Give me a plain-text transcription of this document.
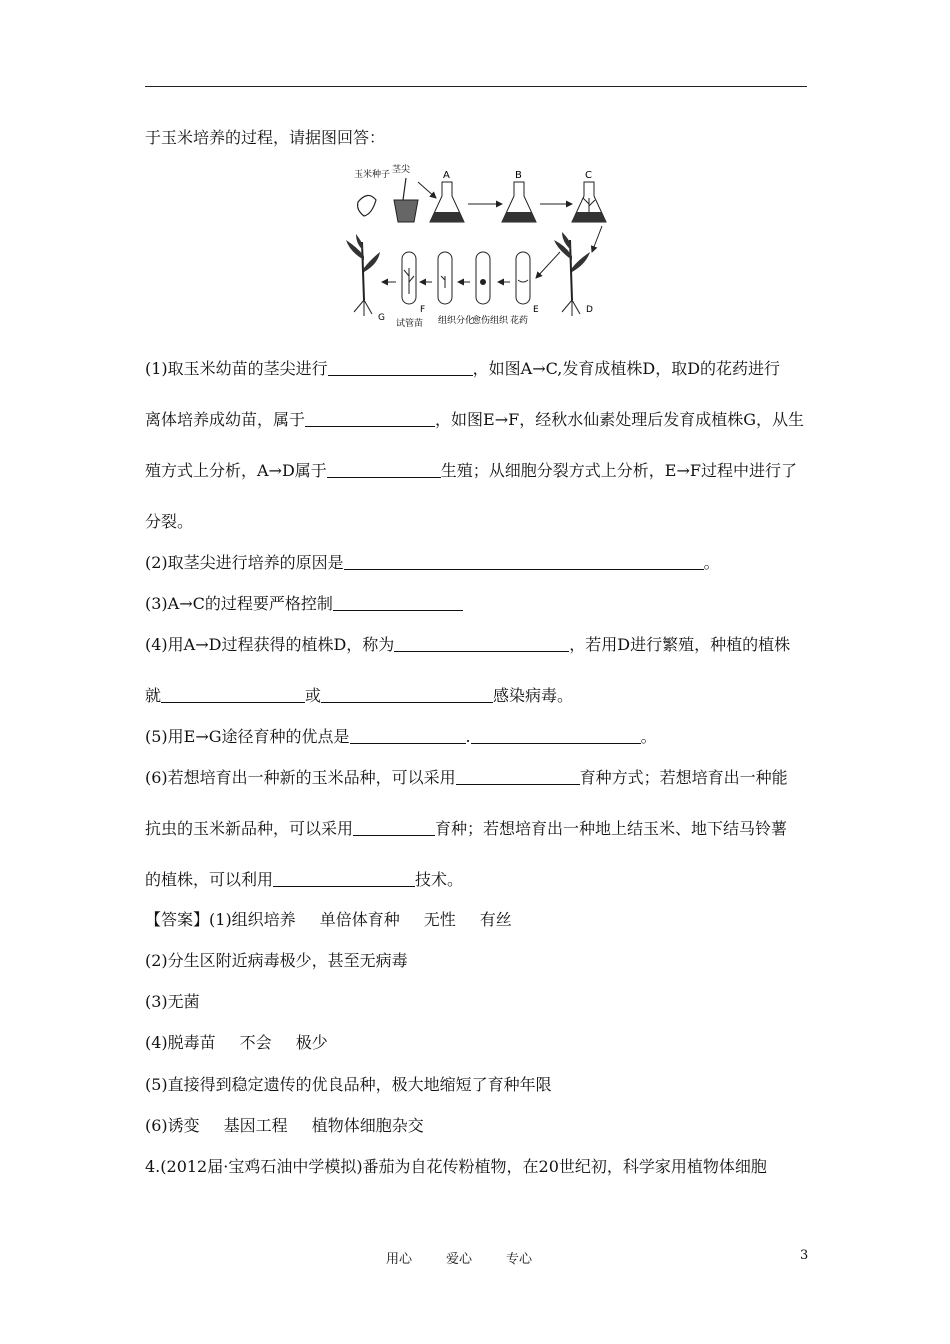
于玉米培养的过程，请据图回答：
玉米种子 茎尖	A	B	C
D
E
F
G
试管苗 组织分化
愈伤组织 花药
(1)取玉米幼苗的茎尖进行	，如图A→C,发育成植株D，取D的花药进行
离体培养成幼苗，属于	，如图E→F，经秋水仙素处理后发育成植株G，从生
殖方式上分析，A→D属于	生殖；从细胞分裂方式上分析，E→F过程中进行了
分裂。
(2)取茎尖进行培养的原因是	。
(3)A→C的过程要严格控制
(4)用A→D过程获得的植株D，称为	，若用D进行繁殖，种植的植株
就	或	感染病毒。
(5)用E→G途径育种的优点是	.	。
(6)若想培育出一种新的玉米品种，可以采用	育种方式；若想培育出一种能
抗虫的玉米新品种，可以采用	育种；若想培育出一种地上结玉米、地下结马铃薯
的植株，可以利用	技术。
【答案】(1)组织培养 单倍体育种 无性 有丝
(2)分生区附近病毒极少，甚至无病毒
(3)无菌
(4)脱毒苗 不会 极少
(5)直接得到稳定遗传的优良品种，极大地缩短了育种年限
(6)诱变 基因工程 植物体细胞杂交
4.(2012届·宝鸡石油中学模拟)番茄为自花传粉植物，在20世纪初，科学家用植物体细胞
用心	爱心	专心	3
